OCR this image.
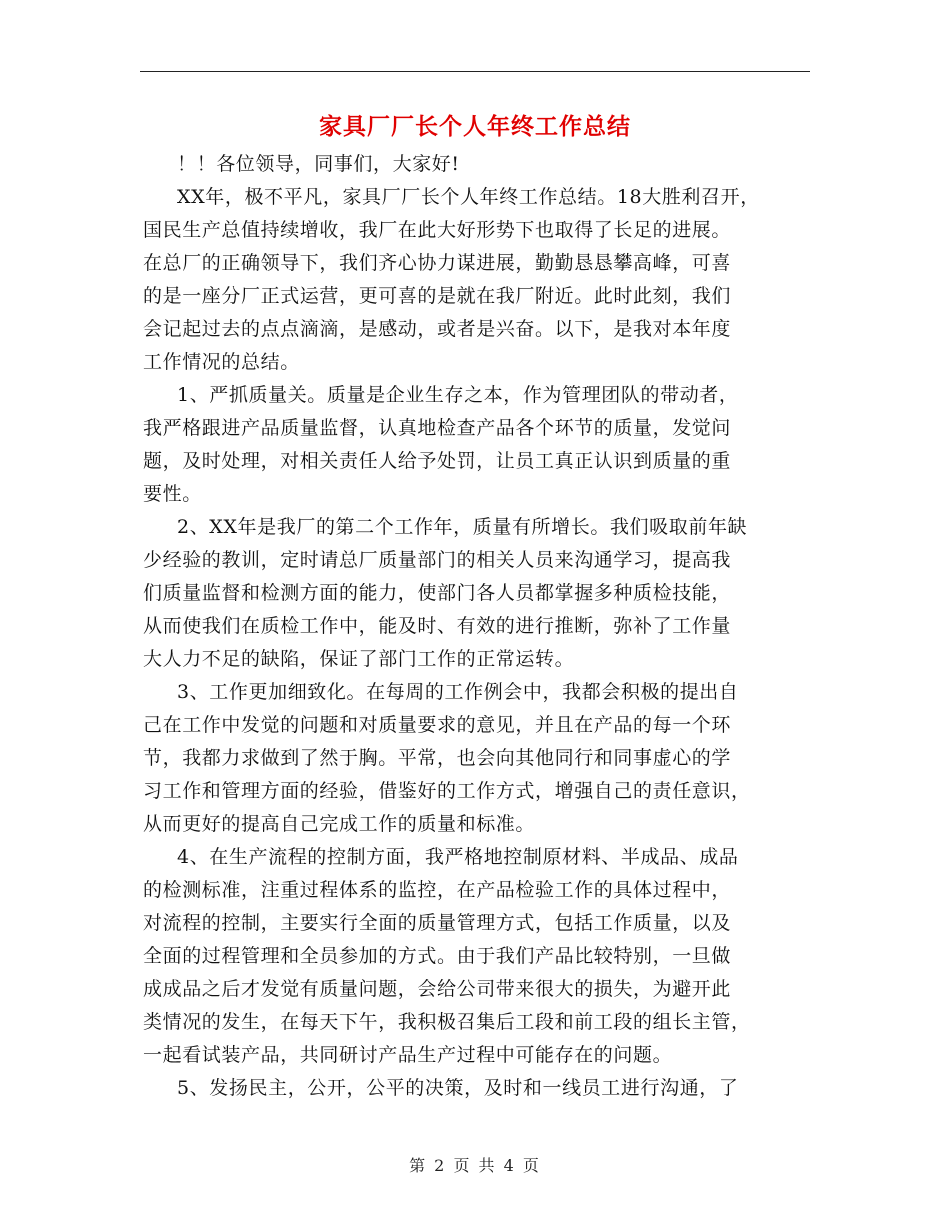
家具厂厂长个人年终工作总结
！！各位领导，同事们，大家好!
XX年，极不平凡，家具厂厂长个人年终工作总结。18大胜利召开，
国民生产总值持续增收，我厂在此大好形势下也取得了长足的进展。
在总厂的正确领导下，我们齐心协力谋进展，勤勤恳恳攀高峰，可喜
的是一座分厂正式运营，更可喜的是就在我厂附近。此时此刻，我们
会记起过去的点点滴滴，是感动，或者是兴奋。以下，是我对本年度
工作情况的总结。
1、严抓质量关。质量是企业生存之本，作为管理团队的带动者，
我严格跟进产品质量监督，认真地检查产品各个环节的质量，发觉问
题，及时处理，对相关责任人给予处罚，让员工真正认识到质量的重
要性。
2、XX年是我厂的第二个工作年，质量有所增长。我们吸取前年缺
少经验的教训，定时请总厂质量部门的相关人员来沟通学习，提高我
们质量监督和检测方面的能力，使部门各人员都掌握多种质检技能，
从而使我们在质检工作中，能及时、有效的进行推断，弥补了工作量
大人力不足的缺陷，保证了部门工作的正常运转。
3、工作更加细致化。在每周的工作例会中，我都会积极的提出自
己在工作中发觉的问题和对质量要求的意见，并且在产品的每一个环
节，我都力求做到了然于胸。平常，也会向其他同行和同事虚心的学
习工作和管理方面的经验，借鉴好的工作方式，增强自己的责任意识，
从而更好的提高自己完成工作的质量和标准。
4、在生产流程的控制方面，我严格地控制原材料、半成品、成品
的检测标准，注重过程体系的监控，在产品检验工作的具体过程中，
对流程的控制，主要实行全面的质量管理方式，包括工作质量，以及
全面的过程管理和全员参加的方式。由于我们产品比较特别，一旦做
成成品之后才发觉有质量问题，会给公司带来很大的损失，为避开此
类情况的发生，在每天下午，我积极召集后工段和前工段的组长主管，
一起看试装产品，共同研讨产品生产过程中可能存在的问题。
5、发扬民主，公开，公平的决策，及时和一线员工进行沟通，了
第 2 页 共 4 页
